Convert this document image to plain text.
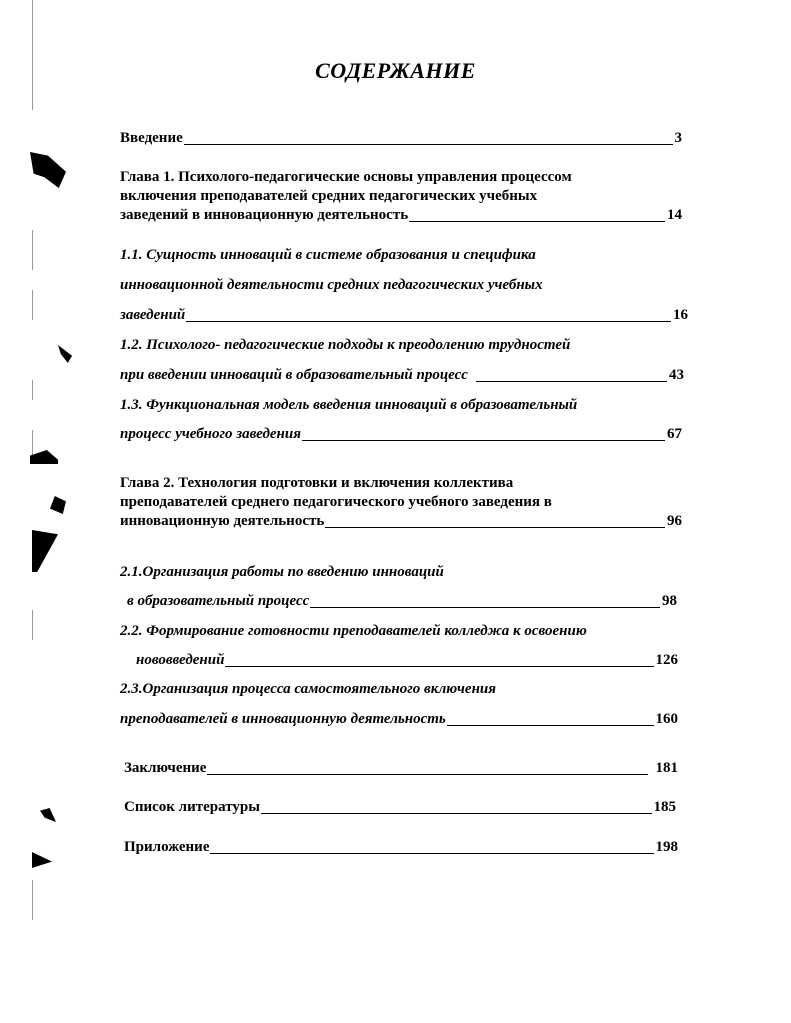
СОДЕРЖАНИЕ
Введение	3
Глава 1. Психолого-педагогические основы управления процессом
включения преподавателей средних педагогических учебных
заведений в инновационную деятельность	14
1.1. Сущность инноваций в системе образования и специфика
инновационной деятельности средних педагогических учебных
заведений	16
1.2. Психолого- педагогические подходы к преодолению трудностей
при введении инноваций в образовательный процесс	43
1.3. Функциональная модель введения инноваций в образовательный
процесс учебного заведения	67
Глава 2. Технология подготовки и включения коллектива
преподавателей среднего педагогического учебного заведения в
инновационную деятельность	96
2.1.Организация работы по введению инноваций
в образовательный процесс	98
2.2. Формирование готовности преподавателей колледжа к освоению
нововведений	126
2.3.Организация процесса самостоятельного включения
преподавателей в инновационную деятельность	160
Заключение	181
Список литературы	185
Приложение	198
